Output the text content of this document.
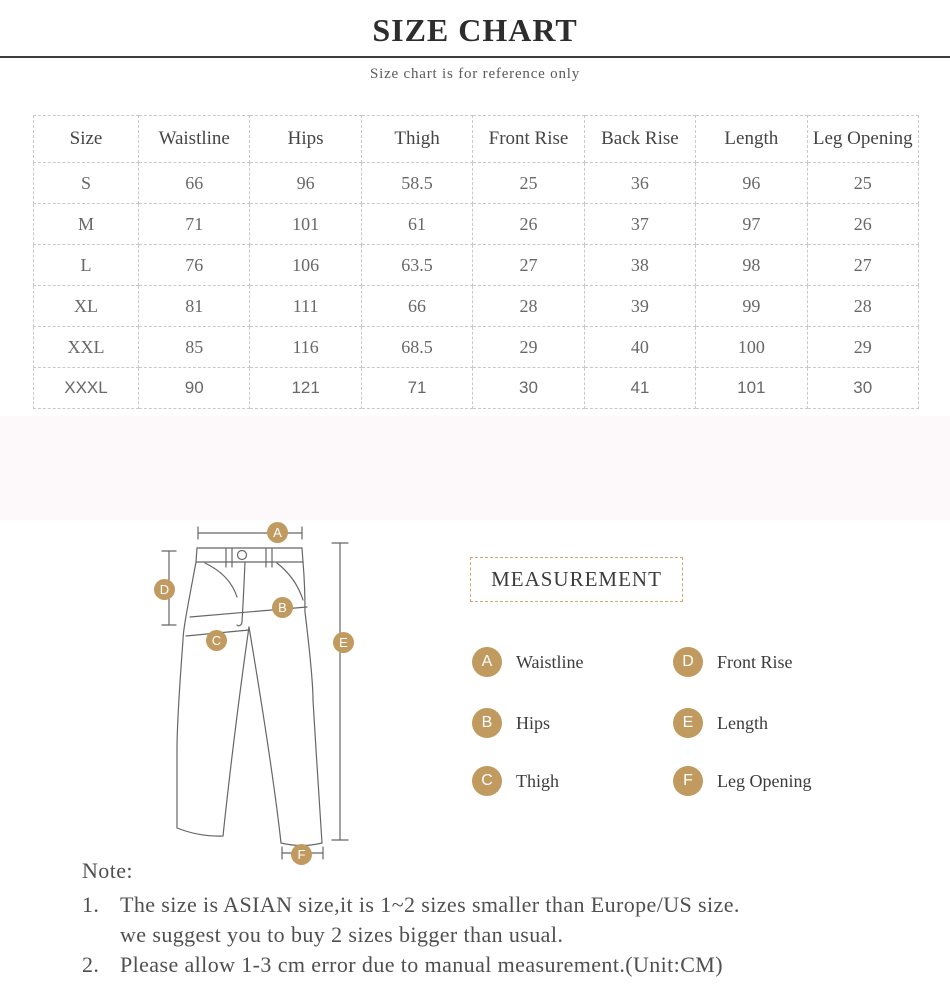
SIZE CHART
Size chart is for reference only
Size	Waistline	Hips	Thigh	Front Rise	Back Rise	Length	Leg Opening
S	66	96	58.5	25	36	96	25
M	71	101	61	26	37	97	26
L	76	106	63.5	27	38	98	27
XL	81	111	66	28	39	99	28
XXL	85	116	68.5	29	40	100	29
XXXL	90	121	71	30	41	101	30
A
B
C
D
E
F
MEASUREMENT
A	Waistline
B	Hips
C	Thigh
D	Front Rise
E	Length
F	Leg Opening
Note:
1. The size is ASIAN size,it is 1~2 sizes smaller than Europe/US size.
we suggest you to buy 2 sizes bigger than usual.
2. Please allow 1-3 cm error due to manual measurement.(Unit:CM)
